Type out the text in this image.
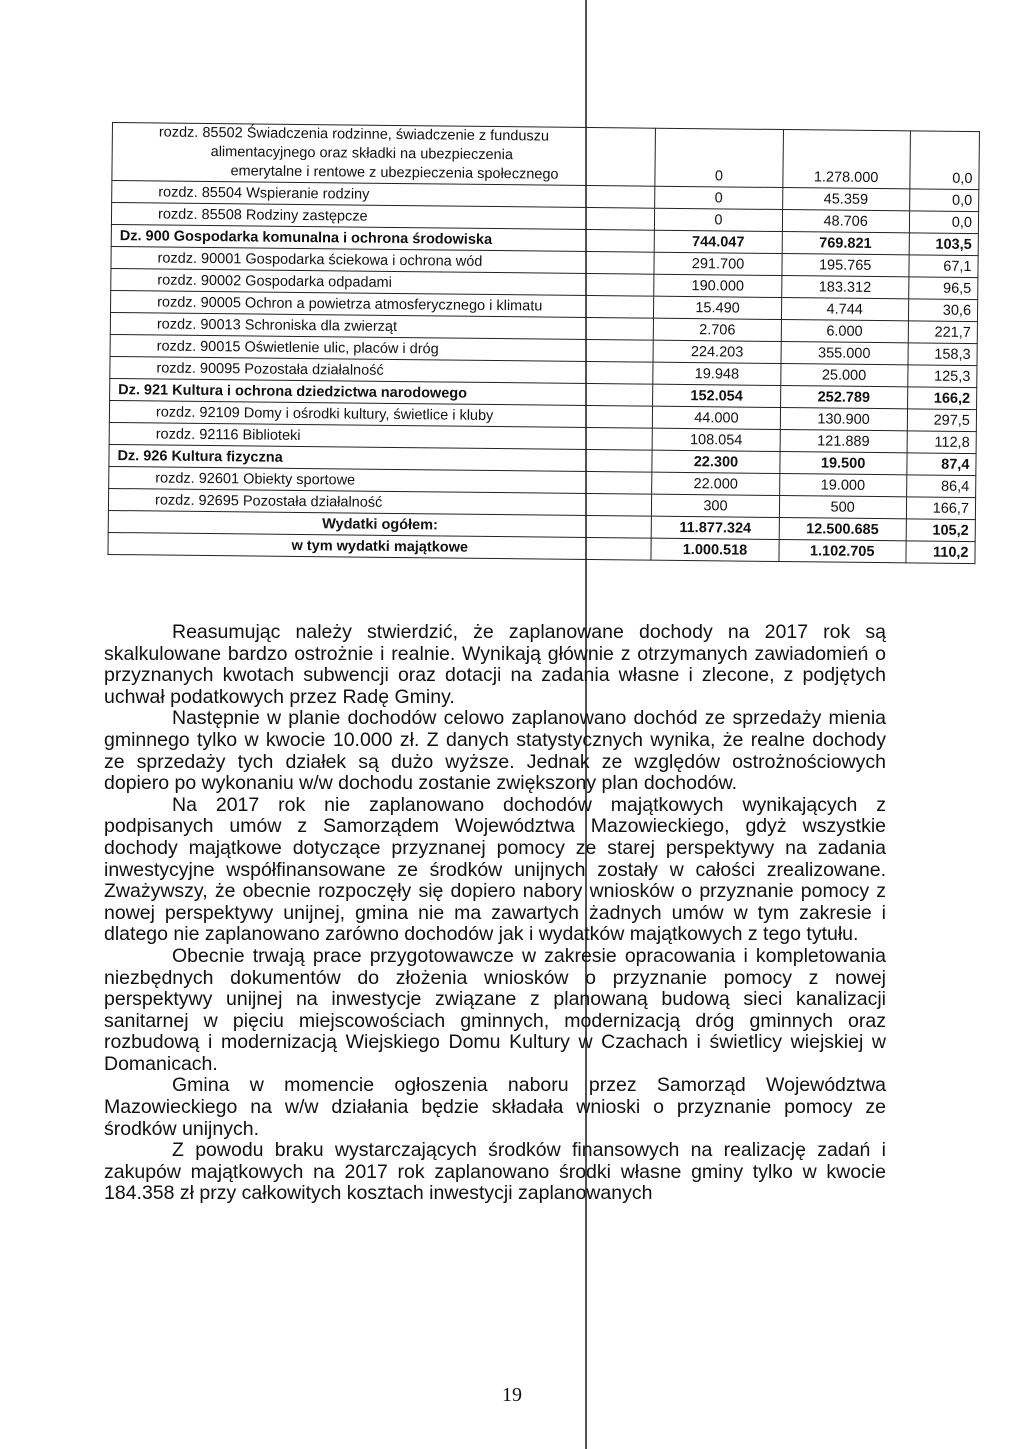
rozdz. 85502 Świadczenia rodzinne, świadczenie z funduszu
alimentacyjnego oraz składki na ubezpieczenia
emerytalne i rentowe z ubezpieczenia społecznego	0	1.278.000	0,0

rozdz. 85504 Wspieranie rodziny	0	45.359	0,0

rozdz. 85508 Rodziny zastępcze	0	48.706	0,0

Dz. 900 Gospodarka komunalna i ochrona środowiska	744.047	769.821	103,5

rozdz. 90001 Gospodarka ściekowa i ochrona wód	291.700	195.765	67,1

rozdz. 90002 Gospodarka odpadami	190.000	183.312	96,5

rozdz. 90005 Ochron a powietrza atmosferycznego i klimatu	15.490	4.744	30,6

rozdz. 90013 Schroniska dla zwierząt	2.706	6.000	221,7

rozdz. 90015 Oświetlenie ulic, placów i dróg	224.203	355.000	158,3

rozdz. 90095 Pozostała działalność	19.948	25.000	125,3

Dz. 921 Kultura i ochrona dziedzictwa narodowego	152.054	252.789	166,2

rozdz. 92109 Domy i ośrodki kultury, świetlice i kluby	44.000	130.900	297,5

rozdz. 92116 Biblioteki	108.054	121.889	112,8

Dz. 926 Kultura fizyczna	22.300	19.500	87,4

rozdz. 92601 Obiekty sportowe	22.000	19.000	86,4

rozdz. 92695 Pozostała działalność	300	500	166,7

Wydatki ogółem:	11.877.324	12.500.685	105,2

w tym wydatki majątkowe	1.000.518	1.102.705	110,2

Reasumując należy stwierdzić, że zaplanowane dochody na 2017 rok są skalkulowane bardzo ostrożnie i realnie. Wynikają głównie z otrzymanych zawiadomień o przyznanych kwotach subwencji oraz dotacji na zadania własne i zlecone, z podjętych uchwał podatkowych przez Radę Gminy.

Następnie w planie dochodów celowo zaplanowano dochód ze sprzedaży mienia gminnego tylko w kwocie 10.000 zł. Z danych statystycznych wynika, że realne dochody ze sprzedaży tych działek są dużo wyższe. Jednak ze względów ostrożnościowych dopiero po wykonaniu w/w dochodu zostanie zwiększony plan dochodów.

Na 2017 rok nie zaplanowano dochodów majątkowych wynikających z podpisanych umów z Samorządem Województwa Mazowieckiego, gdyż wszystkie dochody majątkowe dotyczące przyznanej pomocy ze starej perspektywy na zadania inwestycyjne współfinansowane ze środków unijnych zostały w całości zrealizowane. Zważywszy, że obecnie rozpoczęły się dopiero nabory wniosków o przyznanie pomocy z nowej perspektywy unijnej, gmina nie ma zawartych żadnych umów w tym zakresie i dlatego nie zaplanowano zarówno dochodów jak i wydatków majątkowych z tego tytułu.

Obecnie trwają prace przygotowawcze w zakresie opracowania i kompletowania niezbędnych dokumentów do złożenia wniosków o przyznanie pomocy z nowej perspektywy unijnej na inwestycje związane z planowaną budową sieci kanalizacji sanitarnej w pięciu miejscowościach gminnych, modernizacją dróg gminnych oraz rozbudową i modernizacją Wiejskiego Domu Kultury w Czachach i świetlicy wiejskiej w Domanicach.

Gmina w momencie ogłoszenia naboru przez Samorząd Województwa Mazowieckiego na w/w działania będzie składała wnioski o przyznanie pomocy ze środków unijnych.

Z powodu braku wystarczających środków finansowych na realizację zadań i zakupów majątkowych na 2017 rok zaplanowano środki własne gminy tylko w kwocie 184.358 zł przy całkowitych kosztach inwestycji zaplanowanych

19
